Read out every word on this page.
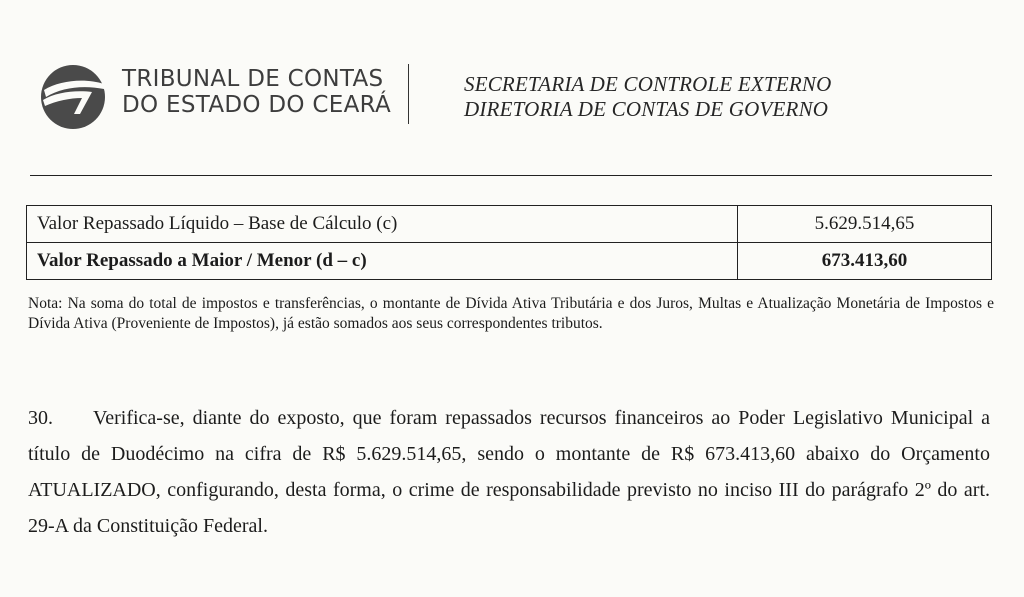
TRIBUNAL DE CONTAS
DO ESTADO DO CEARÁ
SECRETARIA DE CONTROLE EXTERNO
DIRETORIA DE CONTAS DE GOVERNO
Valor Repassado Líquido – Base de Cálculo (c)	5.629.514,65
Valor Repassado a Maior / Menor (d – c)	673.413,60
Nota: Na soma do total de impostos e transferências, o montante de Dívida Ativa Tributária e dos Juros, Multas e Atualização Monetária de Impostos e Dívida Ativa (Proveniente de Impostos), já estão somados aos seus correspondentes tributos.
30. Verifica-se, diante do exposto, que foram repassados recursos financeiros ao Poder Legislativo Municipal a título de Duodécimo na cifra de R$ 5.629.514,65, sendo o montante de R$ 673.413,60 abaixo do Orçamento ATUALIZADO, configurando, desta forma, o crime de responsabilidade previsto no inciso III do parágrafo 2º do art. 29-A da Constituição Federal.
